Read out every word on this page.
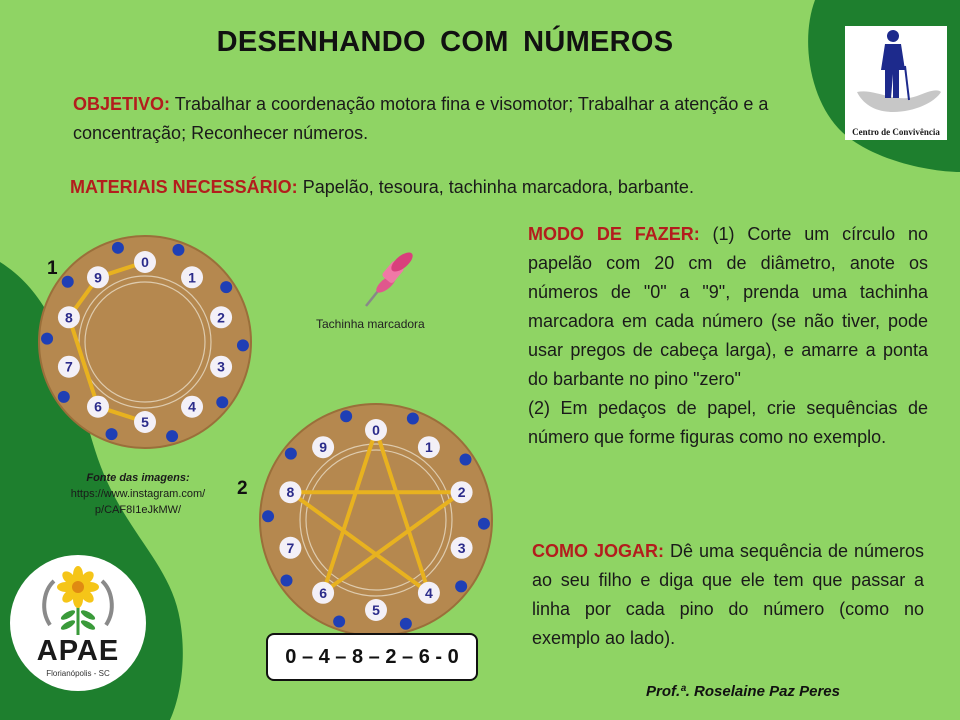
DESENHANDO COM NÚMEROS
OBJETIVO: Trabalhar a coordenação motora fina e visomotor; Trabalhar a atenção e a concentração; Reconhecer números.
MATERIAIS NECESSÁRIO: Papelão, tesoura, tachinha marcadora, barbante.
MODO DE FAZER: (1) Corte um círculo no papelão com 20 cm de diâmetro, anote os números de "0" a "9", prenda uma tachinha marcadora em cada número (se não tiver, pode usar pregos de cabeça larga), e amarre a ponta do barbante no pino "zero"
(2) Em pedaços de papel, crie sequências de número que forme figuras como no exemplo.
COMO JOGAR: Dê uma sequência de números ao seu filho e diga que ele tem que passar a linha por cada pino do número (como no exemplo ao lado).
1	0
1
2
3
4
5
6
7
8
9
2
0
1
2
3
4
5
6
7
8
9
Tachinha marcadora
Fonte das imagens:
https://www.instagram.com/
p/CAF8I1eJkMW/
0 – 4 – 8 – 2 – 6 - 0
Prof.ª. Roselaine Paz Peres
Centro de Convivência
APAE
Florianópolis - SC
